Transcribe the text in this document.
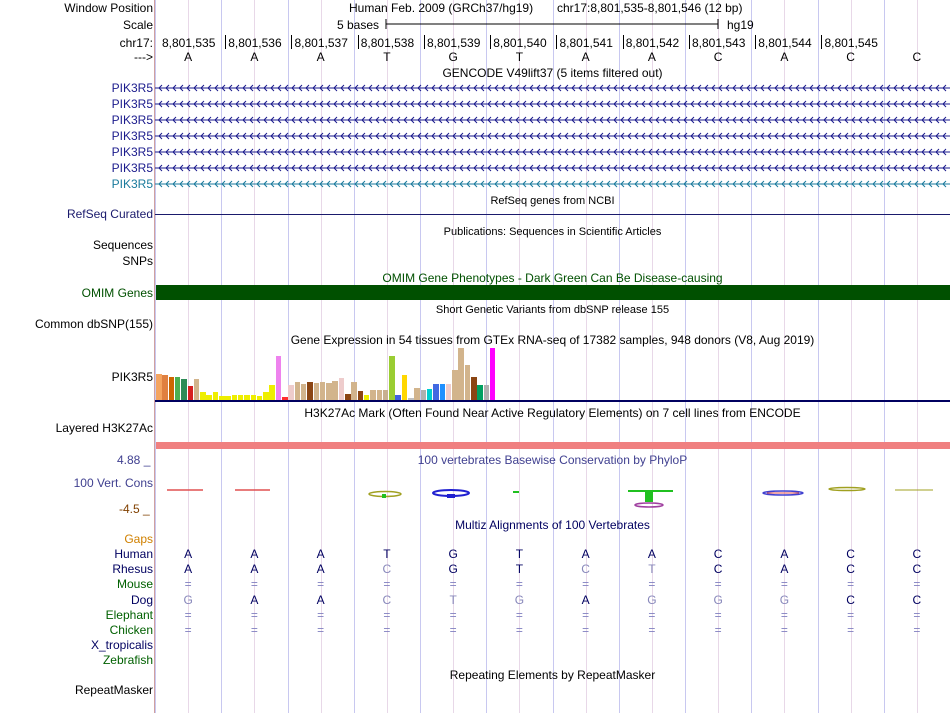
Window Position
Scale
chr17:
--->
Human Feb. 2009 (GRCh37/hg19) chr17:8,801,535-8,801,546 (12 bp)
5 bases	hg19
8,801,535 8,801,536 8,801,537 8,801,538 8,801,539 8,801,540 8,801,541 8,801,542 8,801,543 8,801,544 8,801,545
A	A	A	T	G	T	A	A	C	A	C	C
GENCODE V49lift37 (5 items filtered out)
PIK3R5
PIK3R5
PIK3R5
PIK3R5
PIK3R5
PIK3R5
PIK3R5
RefSeq genes from NCBI
RefSeq Curated
Publications: Sequences in Scientific Articles
Sequences
SNPs
OMIM Gene Phenotypes - Dark Green Can Be Disease-causing
OMIM Genes
Short Genetic Variants from dbSNP release 155
Common dbSNP(155)
Gene Expression in 54 tissues from GTEx RNA-seq of 17382 samples, 948 donors (V8, Aug 2019)
PIK3R5
H3K27Ac Mark (Often Found Near Active Regulatory Elements) on 7 cell lines from ENCODE
Layered H3K27Ac
100 vertebrates Basewise Conservation by PhyloP
4.88 _
100 Vert. Cons
-4.5 _
Multiz Alignments of 100 Vertebrates
Gaps
Human	A	A	A	T	G	T	A	A	C	A	C	C
Rhesus	A	A	A	C	G	T	C	T	C	A	C	C
Mouse	=	=	=	=	=	=	=	=	=	=	=	=
Dog	G	A	A	C	T	G	A	G	G	G	C	C
Elephant	=	=	=	=	=	=	=	=	=	=	=	=
Chicken	=	=	=	=	=	=	=	=	=	=	=	=
X_tropicalis
Zebrafish
Repeating Elements by RepeatMasker
RepeatMasker
